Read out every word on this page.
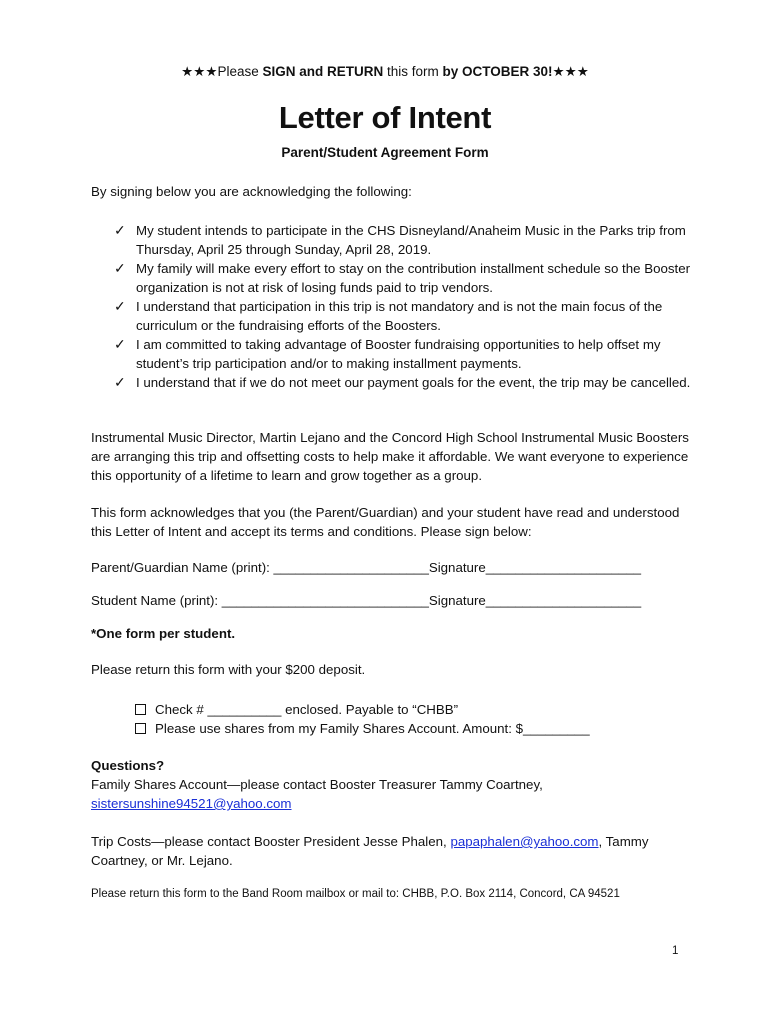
★★★Please SIGN and RETURN this form by OCTOBER 30!★★★
Letter of Intent
Parent/Student Agreement Form
By signing below you are acknowledging the following:
✓ My student intends to participate in the CHS Disneyland/Anaheim Music in the Parks trip from Thursday, April 25 through Sunday, April 28, 2019.
✓ My family will make every effort to stay on the contribution installment schedule so the Booster organization is not at risk of losing funds paid to trip vendors.
✓ I understand that participation in this trip is not mandatory and is not the main focus of the curriculum or the fundraising efforts of the Boosters.
✓ I am committed to taking advantage of Booster fundraising opportunities to help offset my student’s trip participation and/or to making installment payments.
✓ I understand that if we do not meet our payment goals for the event, the trip may be cancelled.
Instrumental Music Director, Martin Lejano and the Concord High School Instrumental Music Boosters are arranging this trip and offsetting costs to help make it affordable. We want everyone to experience this opportunity of a lifetime to learn and grow together as a group.
This form acknowledges that you (the Parent/Guardian) and your student have read and understood this Letter of Intent and accept its terms and conditions. Please sign below:
Parent/Guardian Name (print): _____________________Signature_____________________
Student Name (print): ____________________________Signature_____________________
*One form per student.
Please return this form with your $200 deposit.
Check # __________ enclosed. Payable to “CHBB”
Please use shares from my Family Shares Account. Amount: $_________
Questions?
Family Shares Account—please contact Booster Treasurer Tammy Coartney,
sistersunshine94521@yahoo.com
Trip Costs—please contact Booster President Jesse Phalen, papaphalen@yahoo.com, Tammy Coartney, or Mr. Lejano.
Please return this form to the Band Room mailbox or mail to: CHBB, P.O. Box 2114, Concord, CA 94521
1
